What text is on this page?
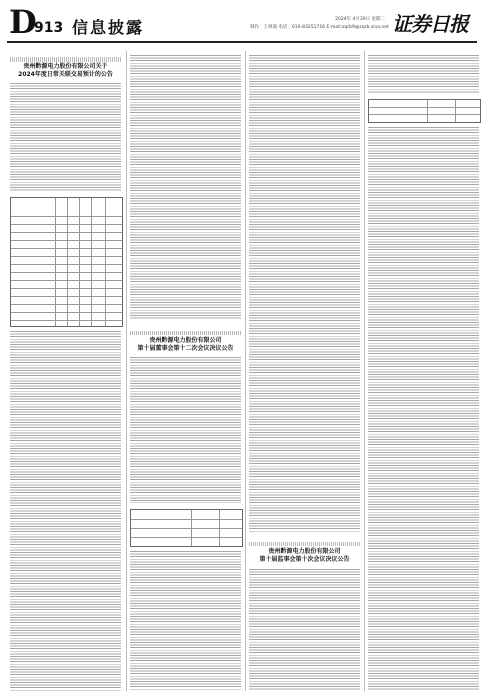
D
913 信息披露	2024年 4月30日 星期二
制作：王翠菊 电话：010-83251716 E-mail:zqrb9@zqrb.sina.net 证券日报
贵州黔源电力股份有限公司关于
2024年度日常关联交易预计的公告
贵州黔源电力股份有限公司
第十届董事会第十二次会议决议公告
贵州黔源电力股份有限公司
第十届监事会第十次会议决议公告
